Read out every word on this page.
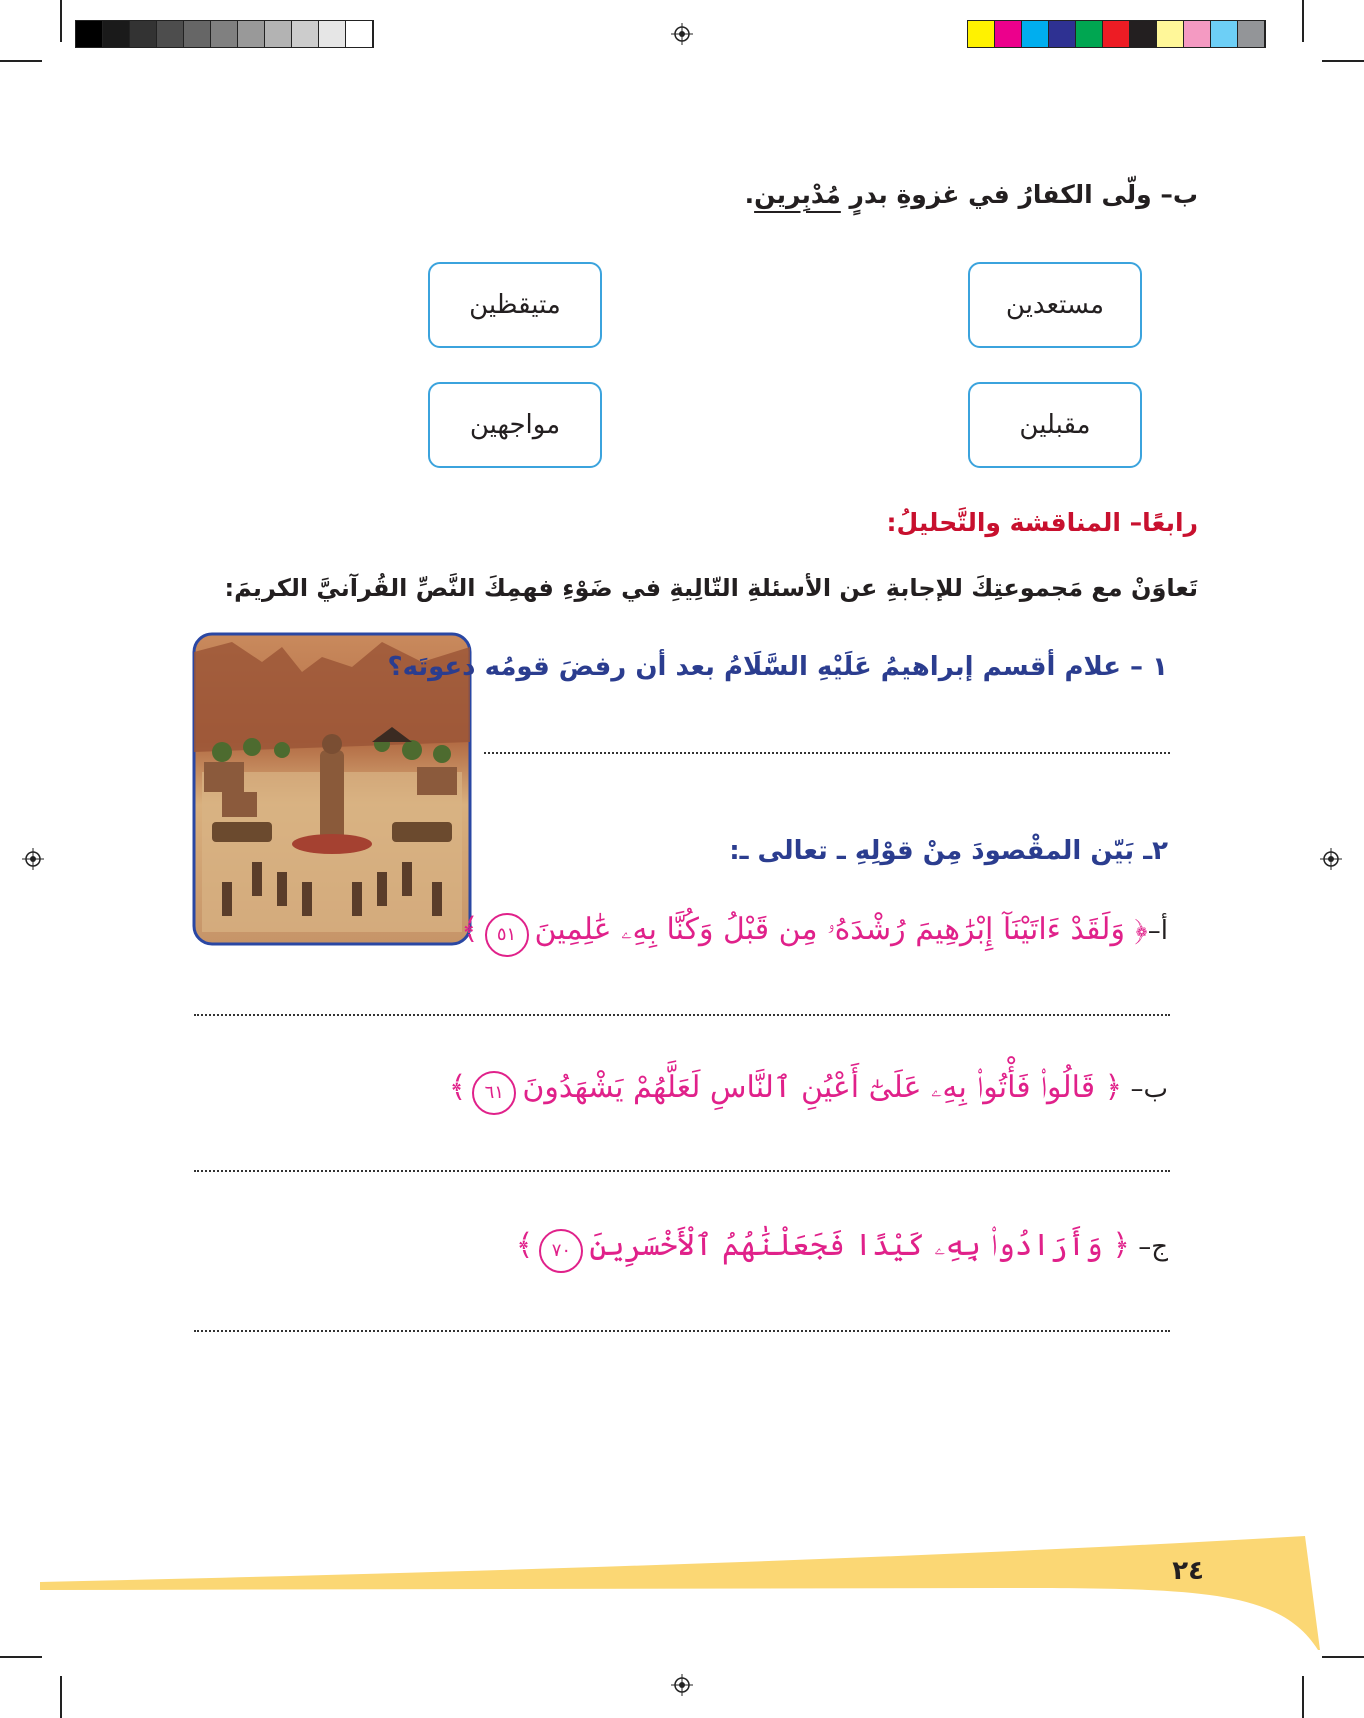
ب– ولّى الكفارُ في غزوةِ بدرٍ مُدْبِرين.
مستعدين
متيقظين
مقبلين
مواجهين
رابعًا– المناقشة والتَّحليلُ:
تَعاوَنْ مع مَجموعتِكَ للإجابةِ عن الأسئلةِ التّالِيةِ في ضَوْءِ فهمِكَ النَّصِّ القُرآنيَّ الكريمَ:
١ – علام أقسم إبراهيمُ عَلَيْهِ السَّلَامُ بعد أن رفضَ قومُه دعوتَه؟
٢ـ بَيّن المقْصودَ مِنْ قوْلِهِ ـ تعالى ـ:
أ–﴿ وَلَقَدْ ءَاتَيْنَآ إِبْرَٰهِيمَ رُشْدَهُۥ مِن قَبْلُ وَكُنَّا بِهِۦ عَٰلِمِينَ٥١﴾
ب– ﴿ قَالُوا۟ فَأْتُوا۟ بِهِۦ عَلَىٰٓ أَعْيُنِ ٱلنَّاسِ لَعَلَّهُمْ يَشْهَدُونَ٦١﴾
ج– ﴿ وَأَرَادُوا۟ بِهِۦ كَيْدًا فَجَعَلْنَٰهُمُ ٱلْأَخْسَرِينَ٧٠﴾
٢٤
